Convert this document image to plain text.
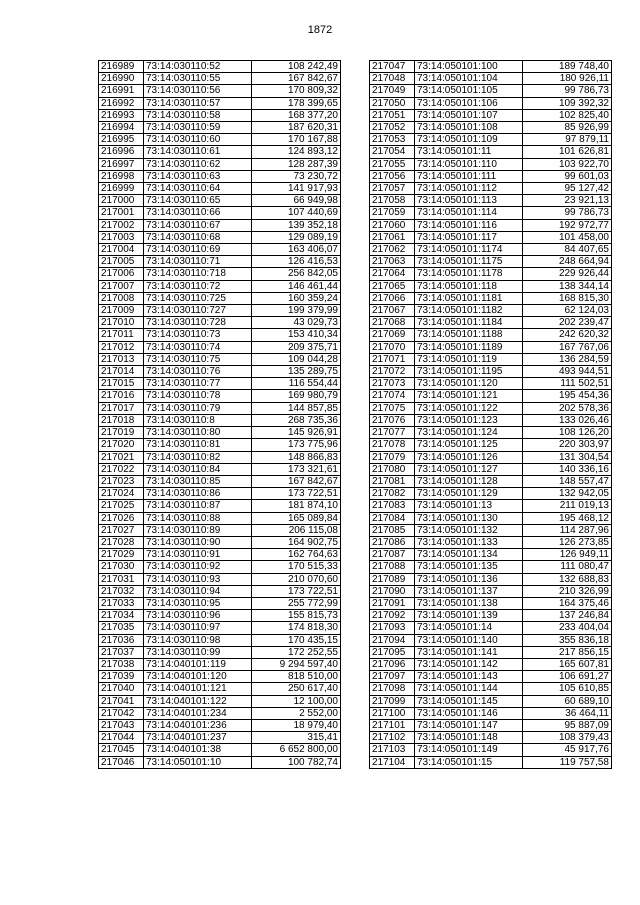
1872
216989	73:14:030110:52	108 242,49
216990	73:14:030110:55	167 842,67
216991	73:14:030110:56	170 809,32
216992	73:14:030110:57	178 399,65
216993	73:14:030110:58	168 377,20
216994	73:14:030110:59	187 620,31
216995	73:14:030110:60	170 167,88
216996	73:14:030110:61	124 893,12
216997	73:14:030110:62	128 287,39
216998	73:14:030110:63	73 230,72
216999	73:14:030110:64	141 917,93
217000	73:14:030110:65	66 949,98
217001	73:14:030110:66	107 440,69
217002	73:14:030110:67	139 352,18
217003	73:14:030110:68	129 089,19
217004	73:14:030110:69	163 406,07
217005	73:14:030110:71	126 416,53
217006	73:14:030110:718	256 842,05
217007	73:14:030110:72	146 461,44
217008	73:14:030110:725	160 359,24
217009	73:14:030110:727	199 379,99
217010	73:14:030110:728	43 029,73
217011	73:14:030110:73	153 410,34
217012	73:14:030110:74	209 375,71
217013	73:14:030110:75	109 044,28
217014	73:14:030110:76	135 289,75
217015	73:14:030110:77	116 554,44
217016	73:14:030110:78	169 980,79
217017	73:14:030110:79	144 857,85
217018	73:14:030110:8	268 735,36
217019	73:14:030110:80	145 926,91
217020	73:14:030110:81	173 775,96
217021	73:14:030110:82	148 866,83
217022	73:14:030110:84	173 321,61
217023	73:14:030110:85	167 842,67
217024	73:14:030110:86	173 722,51
217025	73:14:030110:87	181 874,10
217026	73:14:030110:88	165 089,84
217027	73:14:030110:89	206 115,08
217028	73:14:030110:90	164 902,75
217029	73:14:030110:91	162 764,63
217030	73:14:030110:92	170 515,33
217031	73:14:030110:93	210 070,60
217032	73:14:030110:94	173 722,51
217033	73:14:030110:95	255 772,99
217034	73:14:030110:96	155 815,73
217035	73:14:030110:97	174 818,30
217036	73:14:030110:98	170 435,15
217037	73:14:030110:99	172 252,55
217038	73:14:040101:119	9 294 597,40
217039	73:14:040101:120	818 510,00
217040	73:14:040101:121	250 617,40
217041	73:14:040101:122	12 100,00
217042	73:14:040101:234	2 552,00
217043	73:14:040101:236	18 979,40
217044	73:14:040101:237	315,41
217045	73:14:040101:38	6 652 800,00
217046	73:14:050101:10	100 782,74
217047	73:14:050101:100	189 748,40
217048	73:14:050101:104	180 926,11
217049	73:14:050101:105	99 786,73
217050	73:14:050101:106	109 392,32
217051	73:14:050101:107	102 825,40
217052	73:14:050101:108	85 926,99
217053	73:14:050101:109	97 879,11
217054	73:14:050101:11	101 626,81
217055	73:14:050101:110	103 922,70
217056	73:14:050101:111	99 601,03
217057	73:14:050101:112	95 127,42
217058	73:14:050101:113	23 921,13
217059	73:14:050101:114	99 786,73
217060	73:14:050101:116	192 972,77
217061	73:14:050101:117	101 458,00
217062	73:14:050101:1174	84 407,65
217063	73:14:050101:1175	248 664,94
217064	73:14:050101:1178	229 926,44
217065	73:14:050101:118	138 344,14
217066	73:14:050101:1181	168 815,30
217067	73:14:050101:1182	62 124,03
217068	73:14:050101:1184	202 239,47
217069	73:14:050101:1188	242 620,32
217070	73:14:050101:1189	167 767,06
217071	73:14:050101:119	136 284,59
217072	73:14:050101:1195	493 944,51
217073	73:14:050101:120	111 502,51
217074	73:14:050101:121	195 454,36
217075	73:14:050101:122	202 578,36
217076	73:14:050101:123	133 026,46
217077	73:14:050101:124	108 126,20
217078	73:14:050101:125	220 303,97
217079	73:14:050101:126	131 304,54
217080	73:14:050101:127	140 336,16
217081	73:14:050101:128	148 557,47
217082	73:14:050101:129	132 942,05
217083	73:14:050101:13	211 019,13
217084	73:14:050101:130	195 468,12
217085	73:14:050101:132	114 287,96
217086	73:14:050101:133	126 273,85
217087	73:14:050101:134	126 949,11
217088	73:14:050101:135	111 080,47
217089	73:14:050101:136	132 688,83
217090	73:14:050101:137	210 326,99
217091	73:14:050101:138	164 375,46
217092	73:14:050101:139	137 246,84
217093	73:14:050101:14	233 404,04
217094	73:14:050101:140	355 836,18
217095	73:14:050101:141	217 856,15
217096	73:14:050101:142	165 607,81
217097	73:14:050101:143	106 691,27
217098	73:14:050101:144	105 610,85
217099	73:14:050101:145	60 689,10
217100	73:14:050101:146	36 464,11
217101	73:14:050101:147	95 887,09
217102	73:14:050101:148	108 379,43
217103	73:14:050101:149	45 917,76
217104	73:14:050101:15	119 757,58
